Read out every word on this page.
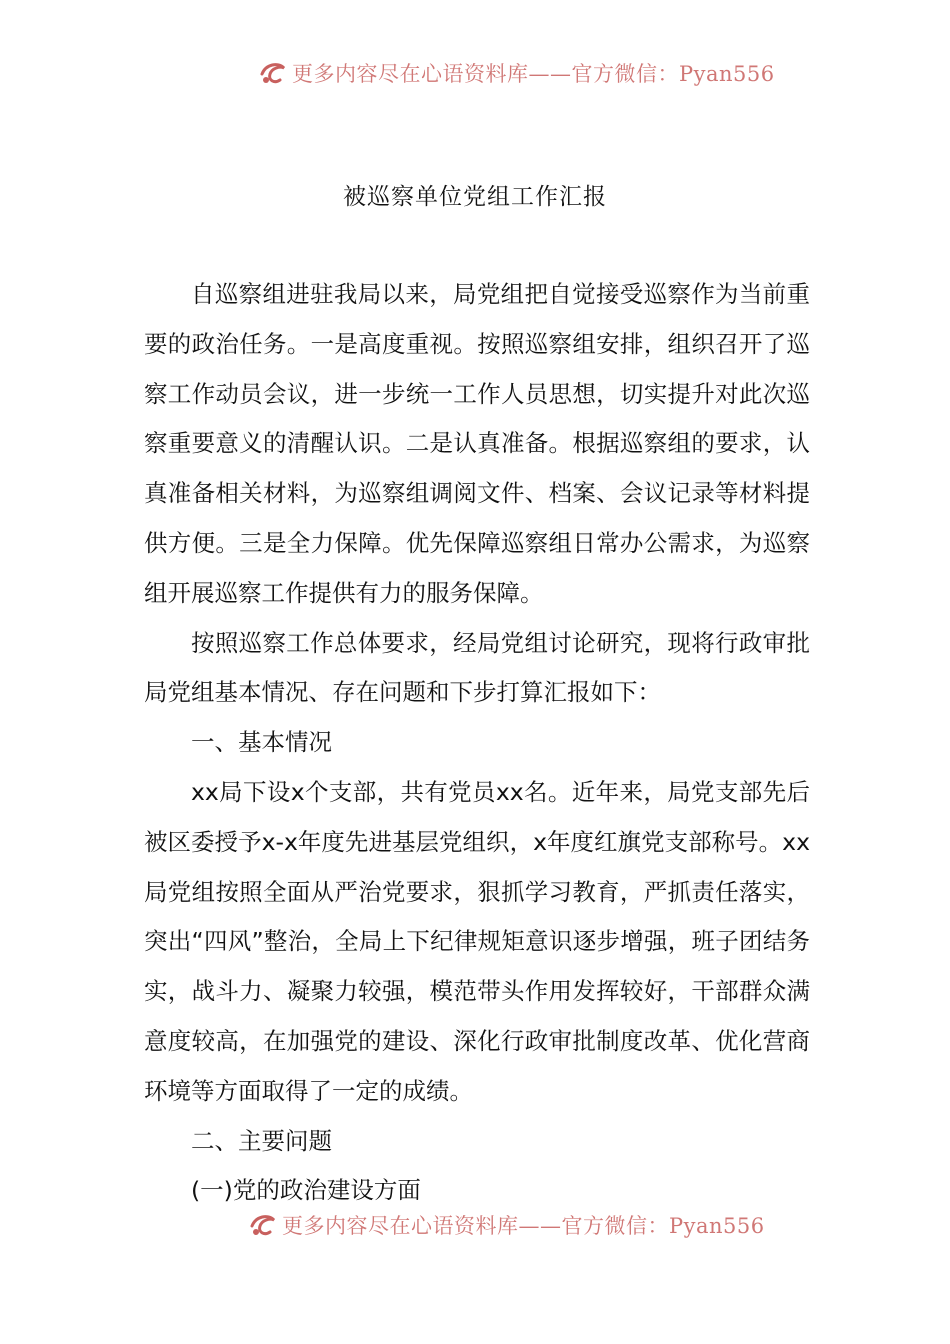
更多内容尽在心语资料库——官方微信：Pyan556
被巡察单位党组工作汇报

自巡察组进驻我局以来，局党组把自觉接受巡察作为当前重要的政治任务。一是高度重视。按照巡察组安排，组织召开了巡察工作动员会议，进一步统一工作人员思想，切实提升对此次巡察重要意义的清醒认识。二是认真准备。根据巡察组的要求，认真准备相关材料，为巡察组调阅文件、档案、会议记录等材料提供方便。三是全力保障。优先保障巡察组日常办公需求，为巡察组开展巡察工作提供有力的服务保障。

按照巡察工作总体要求，经局党组讨论研究，现将行政审批局党组基本情况、存在问题和下步打算汇报如下：

一、基本情况

xx局下设x个支部，共有党员xx名。近年来，局党支部先后被区委授予x-x年度先进基层党组织，x年度红旗党支部称号。xx局党组按照全面从严治党要求，狠抓学习教育，严抓责任落实，突出“四风”整治，全局上下纪律规矩意识逐步增强，班子团结务实，战斗力、凝聚力较强，模范带头作用发挥较好，干部群众满意度较高，在加强党的建设、深化行政审批制度改革、优化营商环境等方面取得了一定的成绩。

二、主要问题

(一)党的政治建设方面

更多内容尽在心语资料库——官方微信：Pyan556
